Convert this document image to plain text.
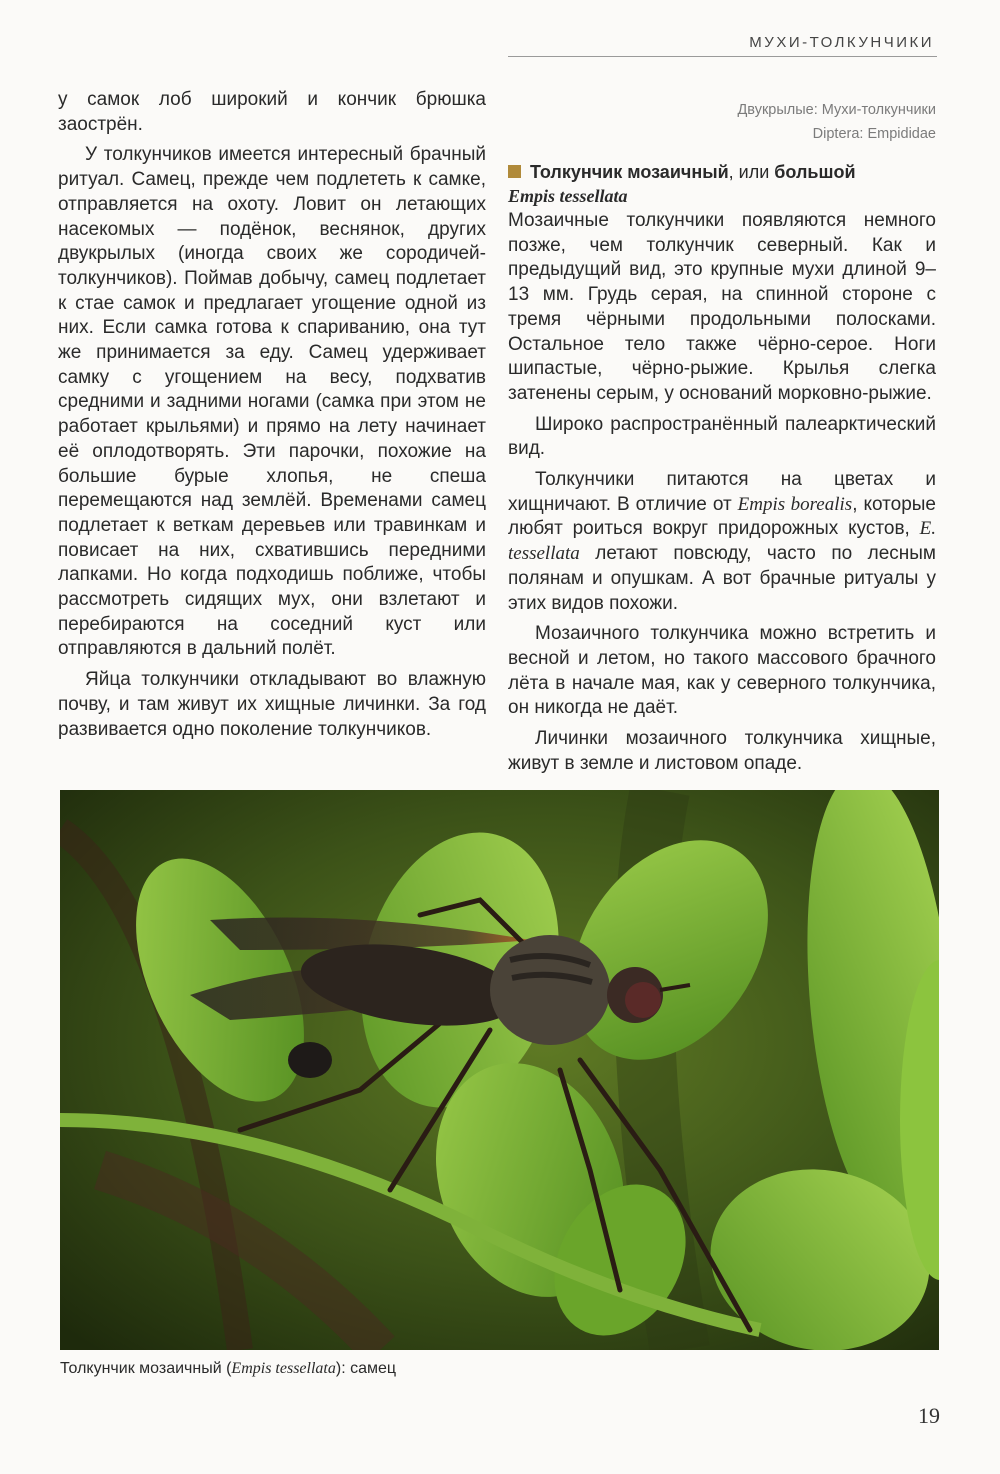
МУХИ-ТОЛКУНЧИКИ

у самок лоб широкий и кончик брюшка заострён.

У толкунчиков имеется интересный брачный ритуал. Самец, прежде чем подлететь к самке, отправляется на охоту. Ловит он летающих насекомых — подёнок, веснянок, других двукрылых (иногда своих же сородичей-толкунчиков). Поймав добычу, самец подлетает к стае самок и предлагает угощение одной из них. Если самка готова к спариванию, она тут же принимается за еду. Самец удерживает самку с угощением на весу, подхватив средними и задними ногами (самка при этом не работает крыльями) и прямо на лету начинает её оплодотворять. Эти парочки, похожие на большие бурые хлопья, не спеша перемещаются над землёй. Временами самец подлетает к веткам деревьев или травинкам и повисает на них, схватившись передними лапками. Но когда подходишь поближе, чтобы рассмотреть сидящих мух, они взлетают и перебираются на соседний куст или отправляются в дальний полёт.

Яйца толкунчики откладывают во влажную почву, и там живут их хищные личинки. За год развивается одно поколение толкунчиков.

Двукрылые: Мухи-толкунчики
Diptera: Empididae

Толкунчик мозаичный, или большой

Empis tessellata

Мозаичные толкунчики появляются немного позже, чем толкунчик северный. Как и предыдущий вид, это крупные мухи длиной 9–13 мм. Грудь серая, на спинной стороне с тремя чёрными продольными полосками. Остальное тело также чёрно-серое. Ноги шипастые, чёрно-рыжие. Крылья слегка затенены серым, у оснований морковно-рыжие.

Широко распространённый палеарктический вид.

Толкунчики питаются на цветах и хищничают. В отличие от Empis borealis, которые любят роиться вокруг придорожных кустов, E. tessellata летают повсюду, часто по лесным полянам и опушкам. А вот брачные ритуалы у этих видов похожи.

Мозаичного толкунчика можно встретить и весной и летом, но такого массового брачного лёта в начале мая, как у северного толкунчика, он никогда не даёт.

Личинки мозаичного толкунчика хищные, живут в земле и листовом опаде.

Толкунчик мозаичный (Empis tessellata): самец
19
